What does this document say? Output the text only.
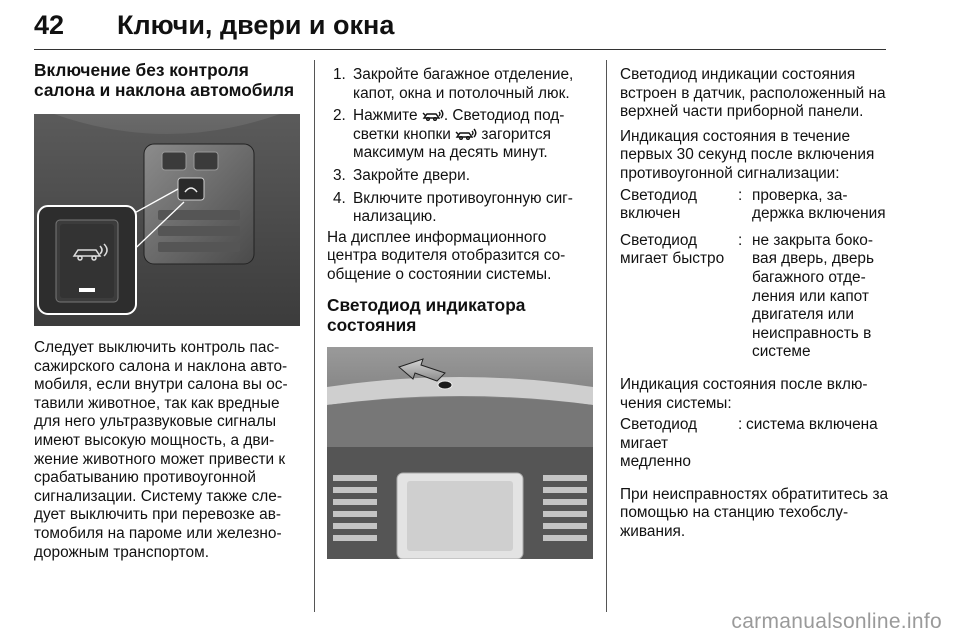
42 Ключи, двери и окна

Включение без контроля
салона и наклона автомобиля

Следует выключить контроль пассажирского салона и наклона автомобиля, если внутри салона вы оставили животное, так как вредные для него ультразвуковые сигналы имеют высокую мощность, а движение животного может привести к срабатыванию противоугонной сигнализации. Систему также следует выключить при перевозке автомобиля на пароме или железнодорожным транспортом.

1. Закройте багажное отделение, капот, окна и потолочный люк.
2. Нажмите . Светодиод подсветки кнопки загорится максимум на десять минут.
3. Закройте двери.
4. Включите противоугонную сигнализацию.

На дисплее информационного центра водителя отобразится сообщение о состоянии системы.

Светодиод индикатора
состояния

Светодиод индикации состояния встроен в датчик, расположенный на верхней части приборной панели.

Индикация состояния в течение первых 30 секунд после включения противоугонной сигнализации:

Светодиод включен
: проверка, задержка включения
Светодиод мигает быстро
: не закрыта боковая дверь, дверь багажного отделения или капот двигателя или неисправность в системе

Индикация состояния после включения системы:

Светодиод мигает медленно
: система включена

При неисправностях обратититесь за помощью на станцию техобслуживания.

carmanualsonline.info
